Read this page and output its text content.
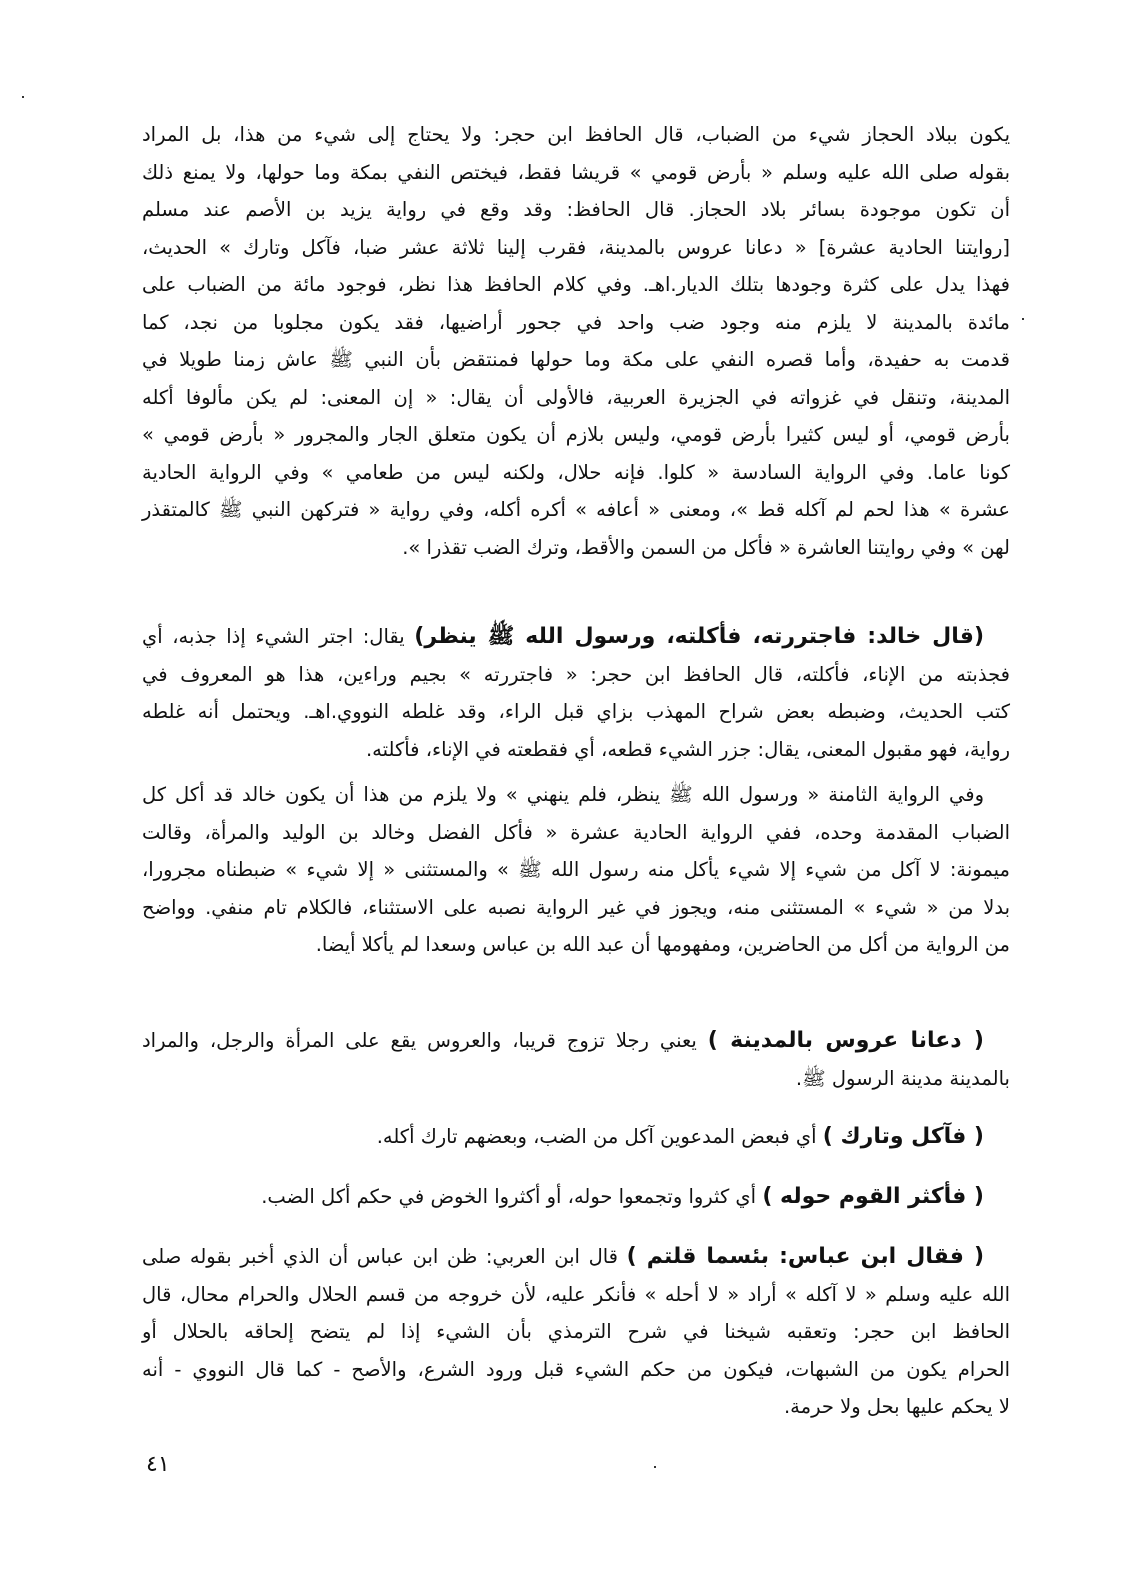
يكون ببلاد الحجاز شيء من الضباب، قال الحافظ ابن حجر: ولا يحتاج إلى شيء من هذا، بل المراد
بقوله صلى الله عليه وسلم « بأرض قومي » قريشا فقط، فيختص النفي بمكة وما حولها، ولا يمنع ذلك
أن تكون موجودة بسائر بلاد الحجاز. قال الحافظ: وقد وقع في رواية يزيد بن الأصم عند مسلم
[روايتنا الحادية عشرة] « دعانا عروس بالمدينة، فقرب إلينا ثلاثة عشر ضبا، فآكل وتارك » الحديث،
فهذا يدل على كثرة وجودها بتلك الديار.اهـ. وفي كلام الحافظ هذا نظر، فوجود مائة من الضباب على
مائدة بالمدينة لا يلزم منه وجود ضب واحد في جحور أراضيها، فقد يكون مجلوبا من نجد، كما
قدمت به حفيدة، وأما قصره النفي على مكة وما حولها فمنتقض بأن النبي ﷺ عاش زمنا طويلا في
المدينة، وتنقل في غزواته في الجزيرة العربية، فالأولى أن يقال: « إن المعنى: لم يكن مألوفا أكله
بأرض قومي، أو ليس كثيرا بأرض قومي، وليس بلازم أن يكون متعلق الجار والمجرور « بأرض قومي »
كونا عاما. وفي الرواية السادسة « كلوا. فإنه حلال، ولكنه ليس من طعامي » وفي الرواية الحادية
عشرة » هذا لحم لم آكله قط »، ومعنى « أعافه » أكره أكله، وفي رواية « فتركهن النبي ﷺ كالمتقذر
لهن » وفي روايتنا العاشرة « فأكل من السمن والأقط، وترك الضب تقذرا ».
(قال خالد: فاجتررته، فأكلته، ورسول الله ﷺ ينظر) يقال: اجتر الشيء إذا جذبه، أي
فجذبته من الإناء، فأكلته، قال الحافظ ابن حجر: « فاجتررته » بجيم وراءين، هذا هو المعروف في
كتب الحديث، وضبطه بعض شراح المهذب بزاي قبل الراء، وقد غلطه النووي.اهـ. ويحتمل أنه غلطه
رواية، فهو مقبول المعنى، يقال: جزر الشيء قطعه، أي فقطعته في الإناء، فأكلته.
وفي الرواية الثامنة « ورسول الله ﷺ ينظر، فلم ينهني » ولا يلزم من هذا أن يكون خالد قد أكل كل
الضباب المقدمة وحده، ففي الرواية الحادية عشرة « فأكل الفضل وخالد بن الوليد والمرأة، وقالت
ميمونة: لا آكل من شيء إلا شيء يأكل منه رسول الله ﷺ » والمستثنى « إلا شيء » ضبطناه مجرورا،
بدلا من « شيء » المستثنى منه، ويجوز في غير الرواية نصبه على الاستثناء، فالكلام تام منفي. وواضح
من الرواية من أكل من الحاضرين، ومفهومها أن عبد الله بن عباس وسعدا لم يأكلا أيضا.
( دعانا عروس بالمدينة ) يعني رجلا تزوج قريبا، والعروس يقع على المرأة والرجل، والمراد
بالمدينة مدينة الرسول ﷺ.
( فآكل وتارك ) أي فبعض المدعوين آكل من الضب، وبعضهم تارك أكله.
( فأكثر القوم حوله ) أي كثروا وتجمعوا حوله، أو أكثروا الخوض في حكم أكل الضب.
( فقال ابن عباس: بئسما قلتم ) قال ابن العربي: ظن ابن عباس أن الذي أخبر بقوله صلى
الله عليه وسلم « لا آكله » أراد « لا أحله » فأنكر عليه، لأن خروجه من قسم الحلال والحرام محال، قال
الحافظ ابن حجر: وتعقبه شيخنا في شرح الترمذي بأن الشيء إذا لم يتضح إلحاقه بالحلال أو
الحرام يكون من الشبهات، فيكون من حكم الشيء قبل ورود الشرع، والأصح - كما قال النووي - أنه
لا يحكم عليها بحل ولا حرمة.
٤١
